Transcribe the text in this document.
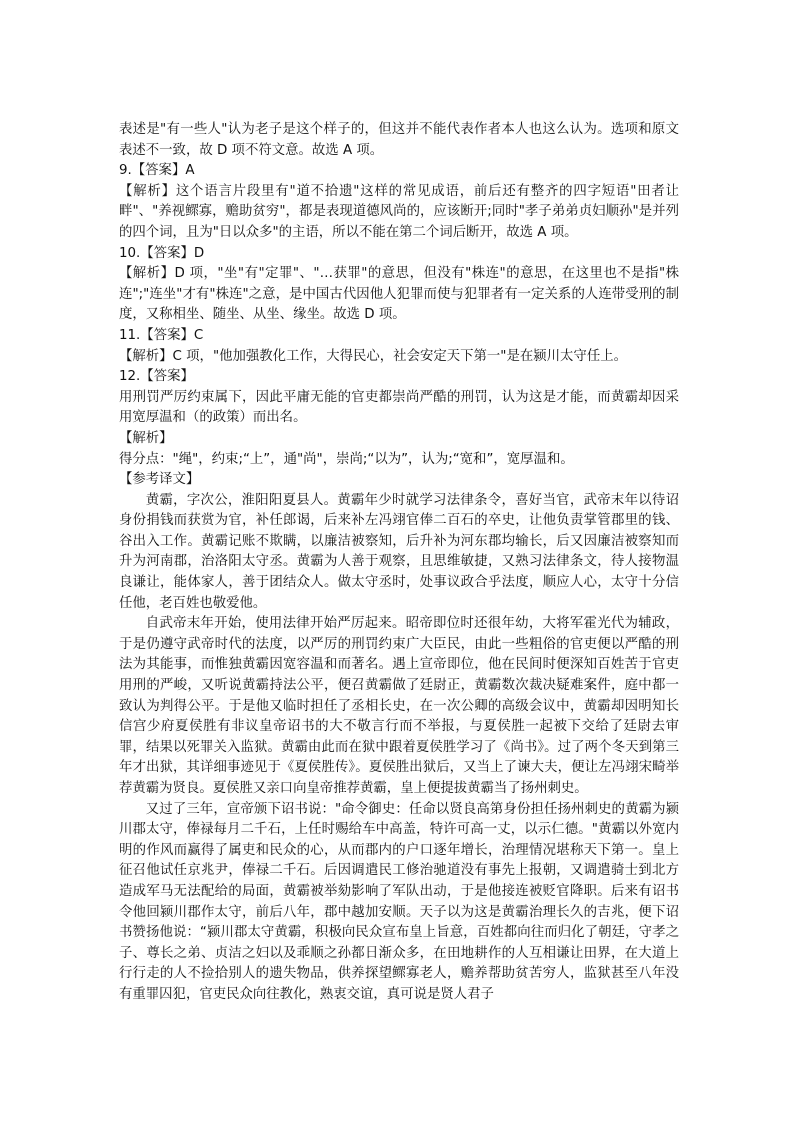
表述是"有一些人"认为老子是这个样子的，但这并不能代表作者本人也这么认为。选项和原文表述不一致，故 D 项不符文意。故选 A 项。

9.【答案】A

【解析】这个语言片段里有"道不拾遗"这样的常见成语，前后还有整齐的四字短语"田者让畔"、"养视鳏寡，赡助贫穷"，都是表现道德风尚的，应该断开;同时"孝子弟弟贞妇顺孙"是并列的四个词，且为"日以众多"的主语，所以不能在第二个词后断开，故选 A 项。

10.【答案】D

【解析】D 项，"坐"有"定罪"、"…获罪"的意思，但没有"株连"的意思，在这里也不是指"株连";"连坐"才有"株连"之意，是中国古代因他人犯罪而使与犯罪者有一定关系的人连带受刑的制度，又称相坐、随坐、从坐、缘坐。故选 D 项。

11.【答案】C

【解析】C 项，"他加强教化工作，大得民心，社会安定天下第一"是在颍川太守任上。

12.【答案】

用刑罚严厉约束属下，因此平庸无能的官吏都崇尚严酷的刑罚，认为这是才能，而黄霸却因采用宽厚温和（的政策）而出名。

【解析】

得分点："绳"，约束;“上”，通"尚"，崇尚;“以为”，认为;“宽和”，宽厚温和。

【参考译文】

黄霸，字次公，淮阳阳夏县人。黄霸年少时就学习法律条令，喜好当官，武帝末年以待诏身份捐钱而获赏为官，补任郎谒，后来补左冯翊官俸二百石的卒史，让他负责掌管郡里的钱、谷出入工作。黄霸记账不欺瞒，以廉洁被察知，后升补为河东郡均输长，后又因廉洁被察知而升为河南郡，治洛阳太守丞。黄霸为人善于观察，且思维敏捷，又熟习法律条文，待人接物温良谦让，能体家人，善于团结众人。做太守丞时，处事议政合乎法度，顺应人心，太守十分信任他，老百姓也敬爱他。

自武帝末年开始，使用法律开始严厉起来。昭帝即位时还很年幼，大将军霍光代为辅政，于是仍遵守武帝时代的法度，以严厉的刑罚约束广大臣民，由此一些粗俗的官吏便以严酷的刑法为其能事，而惟独黄霸因宽容温和而著名。遇上宣帝即位，他在民间时便深知百姓苦于官吏用刑的严峻，又听说黄霸持法公平，便召黄霸做了廷尉正，黄霸数次裁决疑难案件，庭中都一致认为判得公平。于是他又临时担任了丞相长史，在一次公卿的高级会议中，黄霸却因明知长信宫少府夏侯胜有非议皇帝诏书的大不敬言行而不举报，与夏侯胜一起被下交给了廷尉去审罪，结果以死罪关入监狱。黄霸由此而在狱中跟着夏侯胜学习了《尚书》。过了两个冬天到第三年才出狱，其详细事迹见于《夏侯胜传》。夏侯胜出狱后，又当上了谏大夫，便让左冯翊宋畸举荐黄霸为贤良。夏侯胜又亲口向皇帝推荐黄霸，皇上便提拔黄霸当了扬州刺史。

又过了三年，宣帝颁下诏书说："命令御史：任命以贤良高第身份担任扬州刺史的黄霸为颍川郡太守，俸禄每月二千石，上任时赐给车中高盖，特许可高一丈，以示仁德。"黄霸以外宽内明的作风而赢得了属吏和民众的心，从而郡内的户口逐年增长，治理情况堪称天下第一。皇上征召他试任京兆尹，俸禄二千石。后因调遣民工修治驰道没有事先上报朝，又调遣骑士到北方造成军马无法配给的局面，黄霸被举劾影响了军队出动，于是他接连被贬官降职。后来有诏书令他回颍川郡作太守，前后八年，郡中越加安顺。天子以为这是黄霸治理长久的吉兆，便下诏书赞扬他说：“颍川郡太守黄霸，积极向民众宣布皇上旨意，百姓都向往而归化了朝廷，守孝之子、尊长之弟、贞洁之妇以及乖顺之孙都日渐众多，在田地耕作的人互相谦让田界，在大道上行行走的人不捡拾别人的遗失物品，供养探望鳏寡老人，赡养帮助贫苦穷人，监狱甚至八年没有重罪囚犯，官吏民众向往教化，熟衷交谊，真可说是贤人君子
